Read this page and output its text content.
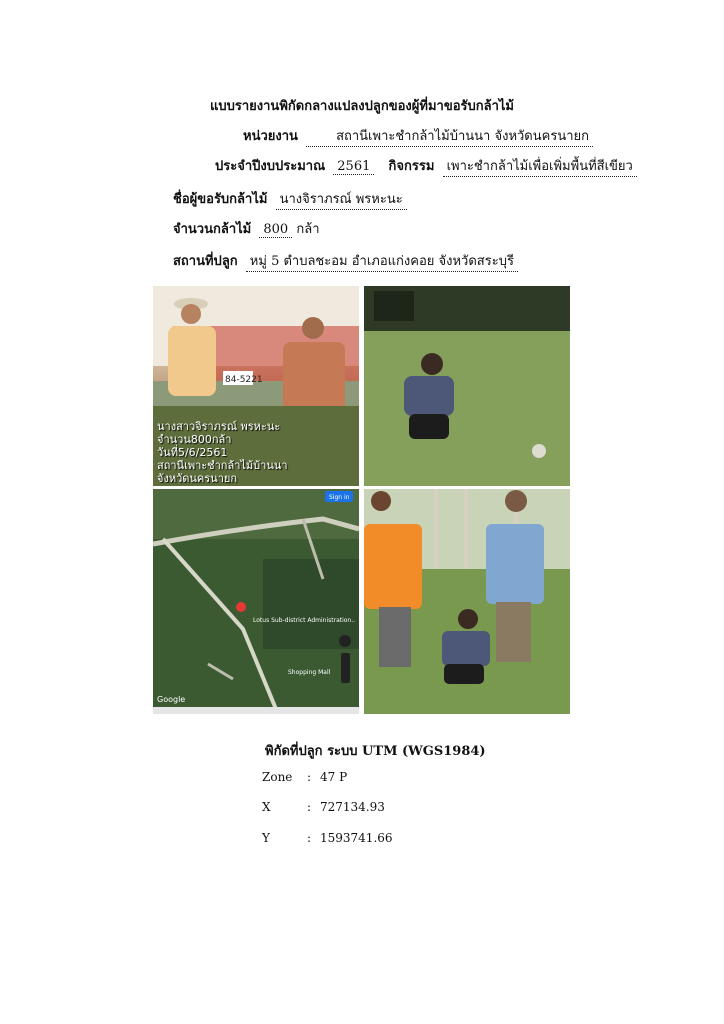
แบบรายงานพิกัดกลางแปลงปลูกของผู้ที่มาขอรับกล้าไม้
หน่วยงาน	สถานีเพาะชำกล้าไม้บ้านนา จังหวัดนครนายก
ประจำปีงบประมาณ 2561 กิจกรรม เพาะชำกล้าไม้เพื่อเพิ่มพื้นที่สีเขียว
ชื่อผู้ขอรับกล้าไม้ นางจิราภรณ์ พรหะนะ
จำนวนกล้าไม้ 800 กล้า
สถานที่ปลูก หมู่ 5 ตำบลชะอม อำเภอแก่งคอย จังหวัดสระบุรี
84-5221
นางสาวจิราภรณ์ พรหะนะ
จำนวน800กล้า
วันที่5/6/2561
สถานีเพาะชำกล้าไม้บ้านนา
จังหวัดนครนายก
Lotus Sub-district Administration..
Shopping Mall
Sign in
Google
พิกัดที่ปลูก ระบบ UTM (WGS1984)
Zone : 47 P
X	: 727134.93
Y	: 1593741.66
